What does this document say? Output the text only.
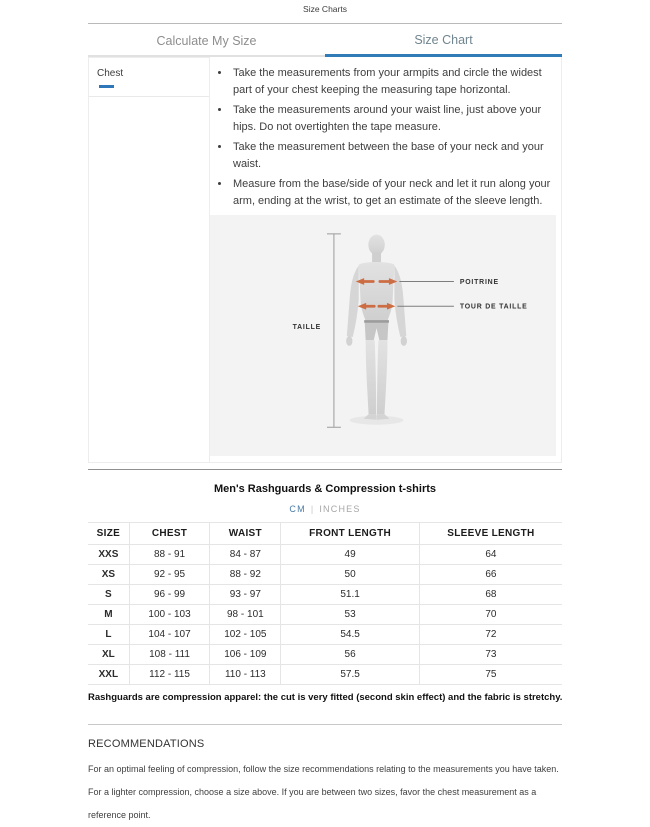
Size Charts
Calculate My Size	Size Chart
Chest	• Take the measurements from your armpits and circle the widest part of your chest keeping the measuring tape horizontal.
• Take the measurements around your waist line, just above your hips. Do not overtighten the tape measure.
• Take the measurement between the base of your neck and your waist.
• Measure from the base/side of your neck and let it run along your arm, ending at the wrist, to get an estimate of the sleeve length.
POITRINE
TOUR DE TAILLE
TAILLE
Men's Rashguards & Compression t-shirts
CM | INCHES
SIZE	CHEST	WAIST	FRONT LENGTH	SLEEVE LENGTH
XXS	88 - 91	84 - 87	49	64
XS	92 - 95	88 - 92	50	66
S	96 - 99	93 - 97	51.1	68
M	100 - 103	98 - 101	53	70
L	104 - 107	102 - 105	54.5	72
XL	108 - 111	106 - 109	56	73
XXL	112 - 115	110 - 113	57.5	75
Rashguards are compression apparel: the cut is very fitted (second skin effect) and the fabric is stretchy.
RECOMMENDATIONS
For an optimal feeling of compression, follow the size recommendations relating to the measurements you have taken. For a lighter compression, choose a size above. If you are between two sizes, favor the chest measurement as a reference point.
